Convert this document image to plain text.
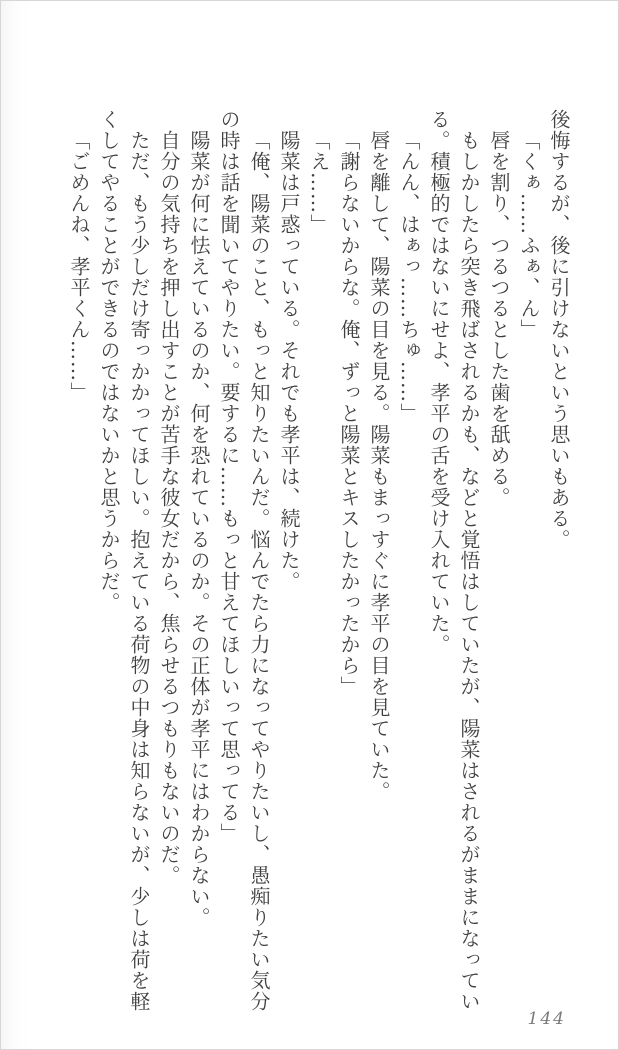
後悔するが、後に引けないという思いもある。

「くぁ……ふぁ、ん」

唇を割り、つるつるとした歯を舐める。

もしかしたら突き飛ばされるかも、などと覚悟はしていたが、陽菜はされるがままになっている。積極的ではないにせよ、孝平の舌を受け入れていた。

「んん、はぁっ……ちゅ……」

唇を離して、陽菜の目を見る。陽菜もまっすぐに孝平の目を見ていた。

「謝らないからな。俺、ずっと陽菜とキスしたかったから」

「え……」

陽菜は戸惑っている。それでも孝平は、続けた。

「俺、陽菜のこと、もっと知りたいんだ。悩んでたら力になってやりたいし、愚痴りたい気分の時は話を聞いてやりたい。要するに……もっと甘えてほしいって思ってる」

陽菜が何に怯えているのか、何を恐れているのか。その正体が孝平にはわからない。

自分の気持ちを押し出すことが苦手な彼女だから、焦らせるつもりもないのだ。

ただ、もう少しだけ寄っかかってほしい。抱えている荷物の中身は知らないが、少しは荷を軽くしてやることができるのではないかと思うからだ。

「ごめんね、孝平くん……」

144
